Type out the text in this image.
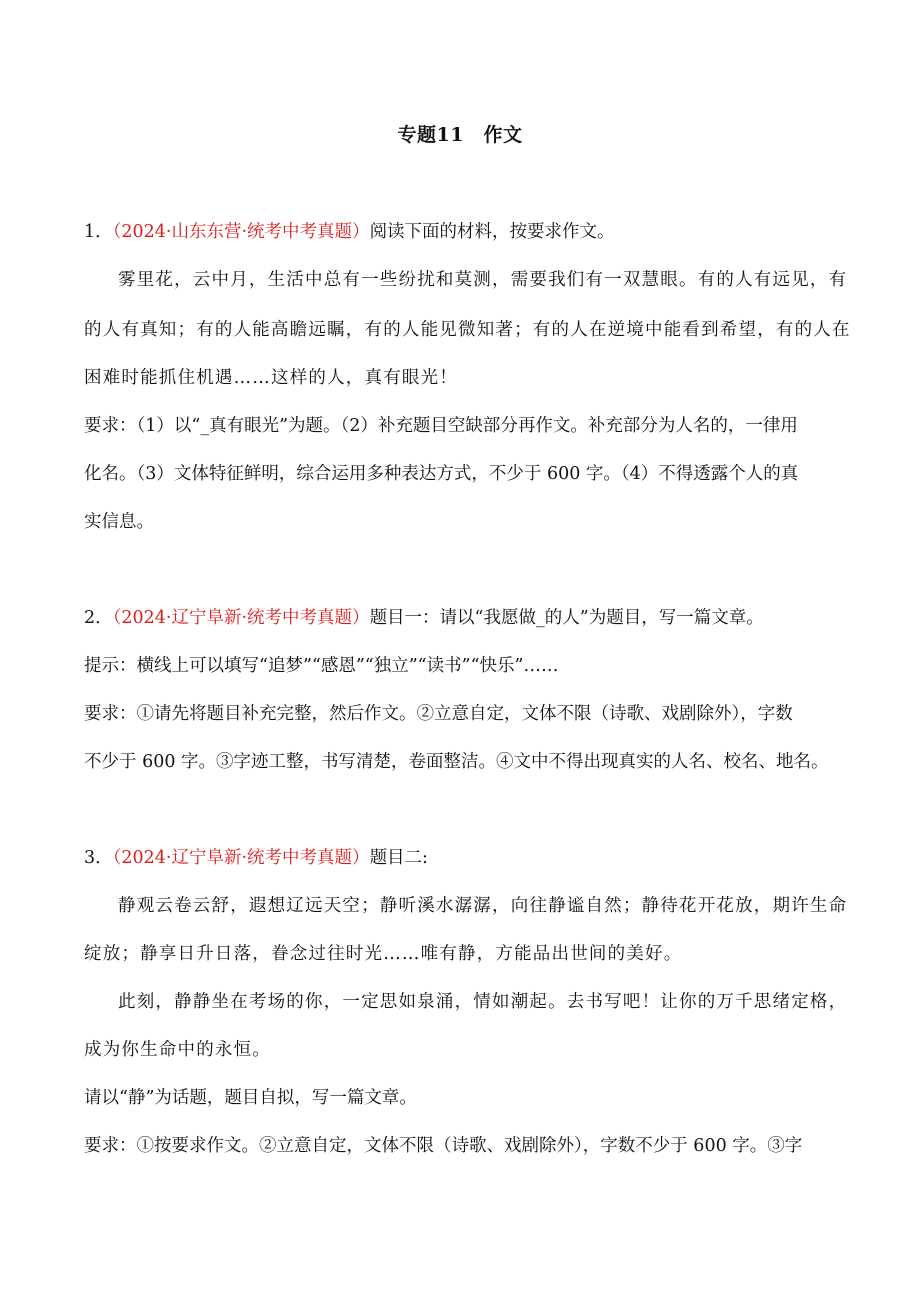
专题11　作文
1．（2024·山东东营·统考中考真题）阅读下面的材料，按要求作文。
雾里花，云中月，生活中总有一些纷扰和莫测，需要我们有一双慧眼。有的人有远见，有
的人有真知；有的人能高瞻远瞩，有的人能见微知著；有的人在逆境中能看到希望，有的人在
困难时能抓住机遇……这样的人，真有眼光！
要求：（1）以“_真有眼光”为题。（2）补充题目空缺部分再作文。补充部分为人名的，一律用
化名。（3）文体特征鲜明，综合运用多种表达方式，不少于 600 字。（4）不得透露个人的真
实信息。
2．（2024·辽宁阜新·统考中考真题）题目一：请以“我愿做_的人”为题目，写一篇文章。
提示：横线上可以填写“追梦”“感恩”“独立”“读书”“快乐”……
要求：①请先将题目补充完整，然后作文。②立意自定，文体不限（诗歌、戏剧除外），字数
不少于 600 字。③字迹工整，书写清楚，卷面整洁。④文中不得出现真实的人名、校名、地名。
3．（2024·辽宁阜新·统考中考真题）题目二:
静观云卷云舒，遐想辽远天空；静听溪水潺潺，向往静谧自然；静待花开花放，期许生命
绽放；静享日升日落，眷念过往时光……唯有静，方能品出世间的美好。
此刻，静静坐在考场的你，一定思如泉涌，情如潮起。去书写吧！让你的万千思绪定格，
成为你生命中的永恒。
请以“静”为话题，题目自拟，写一篇文章。
要求：①按要求作文。②立意自定，文体不限（诗歌、戏剧除外），字数不少于 600 字。③字
